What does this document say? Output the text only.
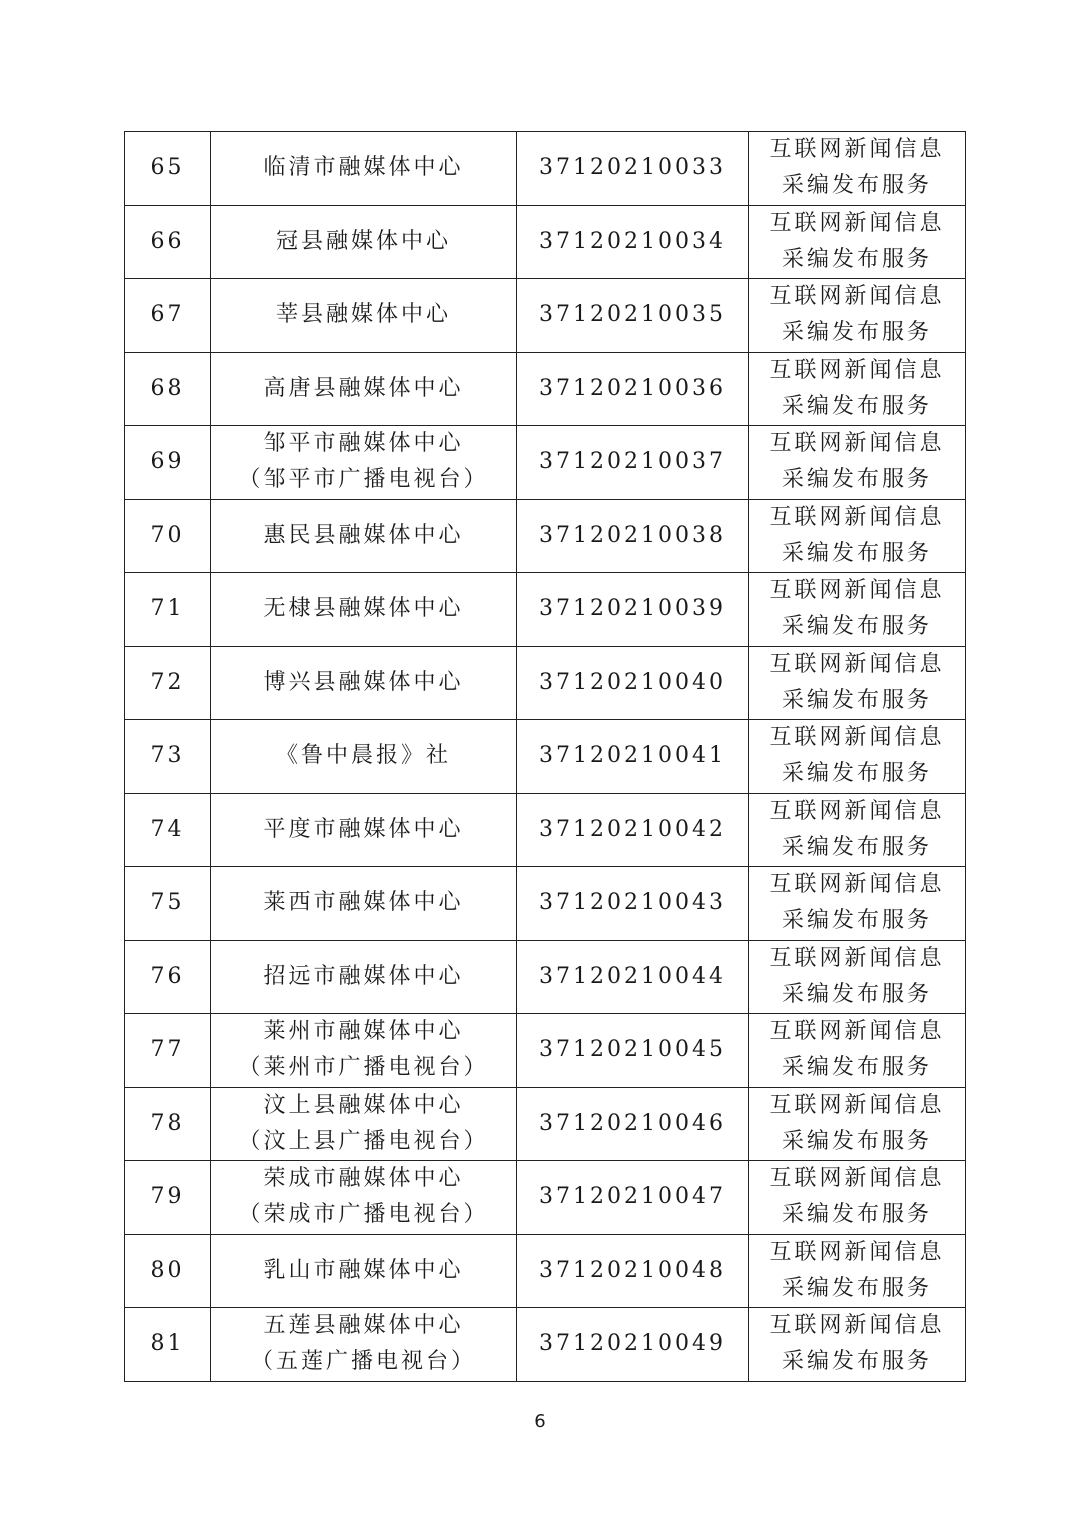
65	临清市融媒体中心	37120210033	互联网新闻信息
采编发布服务

66	冠县融媒体中心	37120210034	互联网新闻信息
采编发布服务

67	莘县融媒体中心	37120210035	互联网新闻信息
采编发布服务

68	高唐县融媒体中心	37120210036	互联网新闻信息
采编发布服务

69	邹平市融媒体中心
（邹平市广播电视台）	37120210037	互联网新闻信息
采编发布服务

70	惠民县融媒体中心	37120210038	互联网新闻信息
采编发布服务

71	无棣县融媒体中心	37120210039	互联网新闻信息
采编发布服务

72	博兴县融媒体中心	37120210040	互联网新闻信息
采编发布服务

73	《鲁中晨报》社	37120210041	互联网新闻信息
采编发布服务

74	平度市融媒体中心	37120210042	互联网新闻信息
采编发布服务

75	莱西市融媒体中心	37120210043	互联网新闻信息
采编发布服务

76	招远市融媒体中心	37120210044	互联网新闻信息
采编发布服务

77	莱州市融媒体中心
（莱州市广播电视台）	37120210045	互联网新闻信息
采编发布服务

78	汶上县融媒体中心
（汶上县广播电视台）	37120210046	互联网新闻信息
采编发布服务

79	荣成市融媒体中心
（荣成市广播电视台）	37120210047	互联网新闻信息
采编发布服务

80	乳山市融媒体中心	37120210048	互联网新闻信息
采编发布服务

81	五莲县融媒体中心
（五莲广播电视台）	37120210049	互联网新闻信息
采编发布服务
6
